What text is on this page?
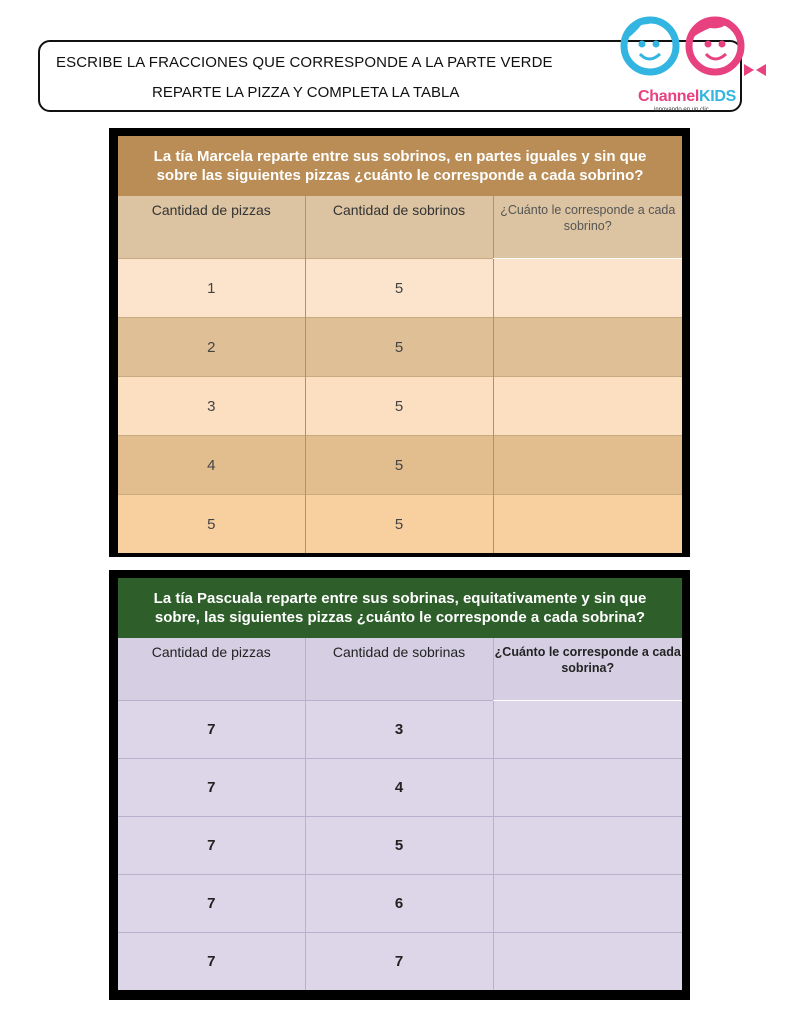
ESCRIBE LA FRACCIONES QUE CORRESPONDE A LA PARTE VERDE
REPARTE LA PIZZA Y COMPLETA LA TABLA	ChannelKIDS
innovando en un clic
La tía Marcela reparte entre sus sobrinos, en partes iguales y sin que
sobre las siguientes pizzas ¿cuánto le corresponde a cada sobrino?
Cantidad de pizzas	Cantidad de sobrinos	¿Cuánto le corresponde a cada sobrino?
1	5	
2	5	
3	5	
4	5	
5	5	
La tía Pascuala reparte entre sus sobrinas, equitativamente y sin que
sobre, las siguientes pizzas ¿cuánto le corresponde a cada sobrina?
Cantidad de pizzas	Cantidad de sobrinas	¿Cuánto le corresponde a cada sobrina?
7	3	
7	4	
7	5	
7	6	
7	7	
